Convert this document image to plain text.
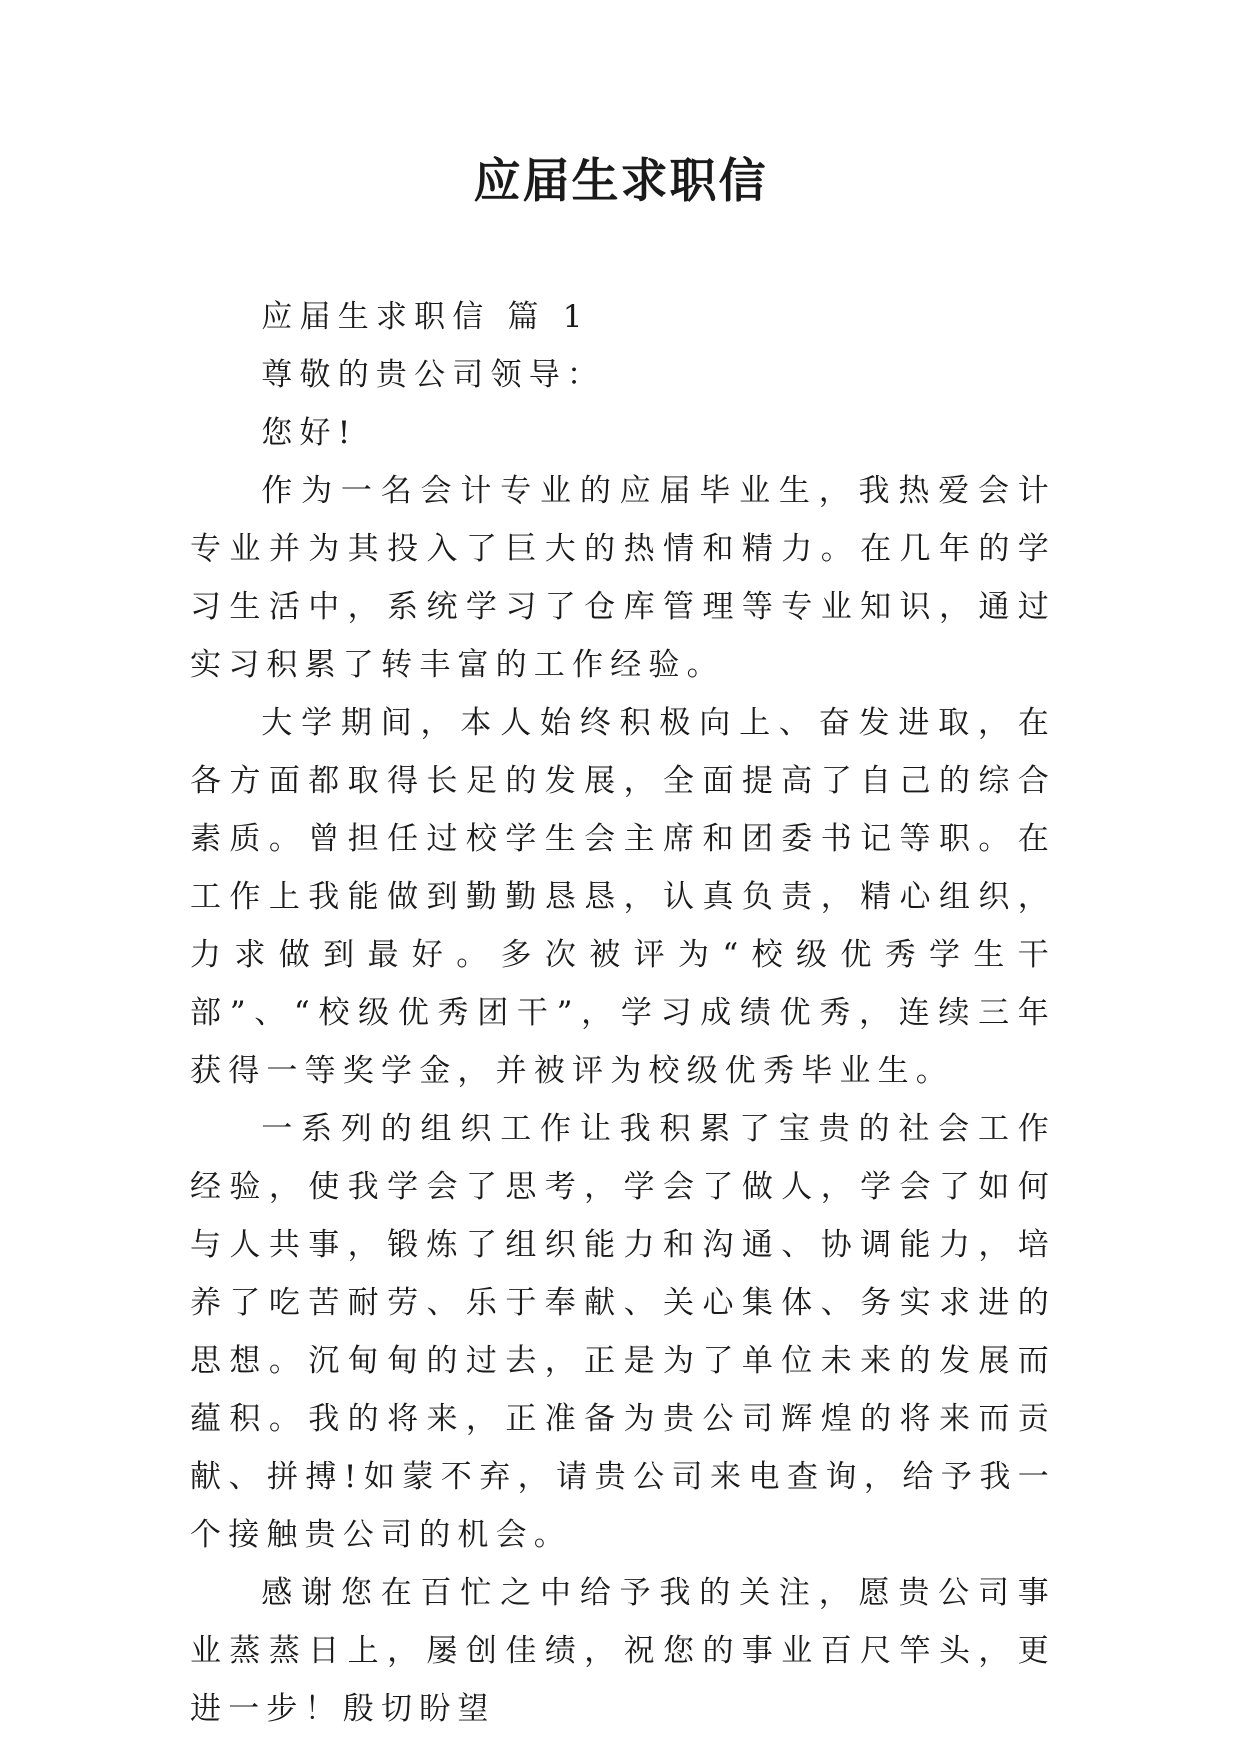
应届生求职信

应届生求职信 篇 1

尊敬的贵公司领导：

您好!

作为一名会计专业的应届毕业生，我热爱会计专业并为其投入了巨大的热情和精力。在几年的学习生活中，系统学习了仓库管理等专业知识，通过实习积累了转丰富的工作经验。

大学期间，本人始终积极向上、奋发进取，在各方面都取得长足的发展，全面提高了自己的综合素质。曾担任过校学生会主席和团委书记等职。在工作上我能做到勤勤恳恳，认真负责，精心组织，力求做到最好。多次被评为“校级优秀学生干部”、“校级优秀团干”，学习成绩优秀，连续三年获得一等奖学金，并被评为校级优秀毕业生。

一系列的组织工作让我积累了宝贵的社会工作经验，使我学会了思考，学会了做人，学会了如何与人共事，锻炼了组织能力和沟通、协调能力，培养了吃苦耐劳、乐于奉献、关心集体、务实求进的思想。沉甸甸的过去，正是为了单位未来的发展而蕴积。我的将来，正准备为贵公司辉煌的将来而贡献、拼搏!如蒙不弃，请贵公司来电查询，给予我一个接触贵公司的机会。

感谢您在百忙之中给予我的关注，愿贵公司事业蒸蒸日上，屡创佳绩，祝您的事业百尺竿头，更进一步！殷切盼望
